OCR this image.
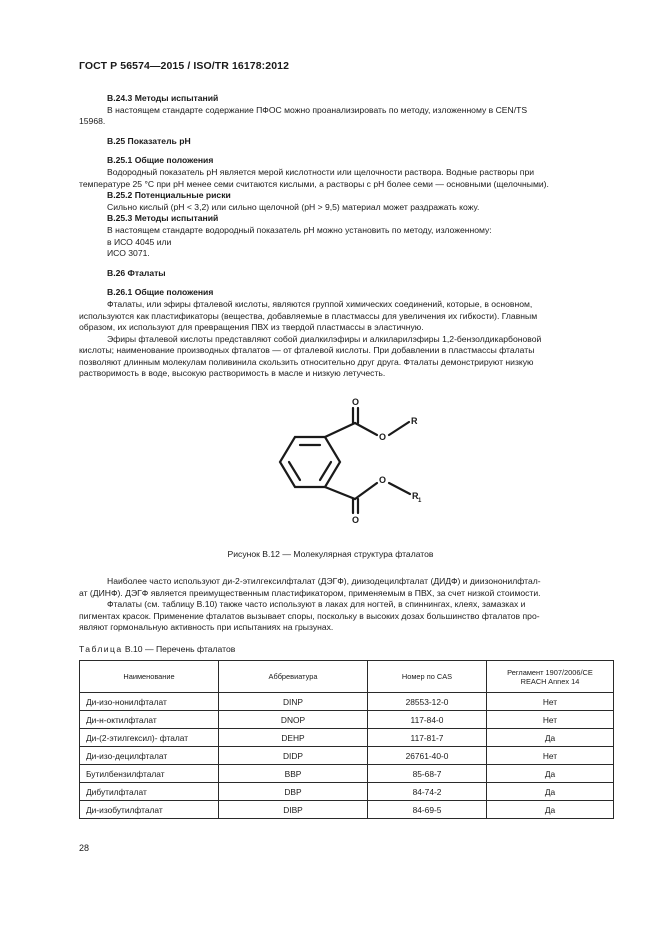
ГОСТ Р 56574—2015 / ISO/TR 16178:2012
B.24.3 Методы испытаний
В настоящем стандарте содержание ПФОС можно проанализировать по методу, изложенному в CEN/TS
15968.
B.25 Показатель рН
B.25.1 Общие положения
Водородный показатель рН является мерой кислотности или щелочности раствора. Водные растворы при
температуре 25 °С при рН менее семи считаются кислыми, а растворы с рН более семи — основными (щелочными).
B.25.2 Потенциальные риски
Сильно кислый (рН < 3,2) или сильно щелочной (рН > 9,5) материал может раздражать кожу.
B.25.3 Методы испытаний
В настоящем стандарте водородный показатель рН можно установить по методу, изложенному:
в ИСО 4045 или
ИСО 3071.
B.26 Фталаты
B.26.1 Общие положения
Фталаты, или эфиры фталевой кислоты, являются группой химических соединений, которые, в основном,
используются как пластификаторы (вещества, добавляемые в пластмассы для увеличения их гибкости). Главным
образом, их используют для превращения ПВХ из твердой пластмассы в эластичную.
Эфиры фталевой кислоты представляют собой диалкилэфиры и алкиларилэфиры 1,2-бензолдикарбоновой
кислоты; наименование производных фталатов — от фталевой кислоты. При добавлении в пластмассы фталаты
позволяют длинным молекулам поливинила скользить относительно друг друга. Фталаты демонстрируют низкую
растворимость в воде, высокую растворимость в масле и низкую летучесть.
O
O
R
O
R 1
O
Рисунок B.12 — Молекулярная структура фталатов
Наиболее часто используют ди-2-этилгексилфталат (ДЭГФ), диизодецилфталат (ДИДФ) и диизононилфтал-
ат (ДИНФ). ДЭГФ является преимущественным пластификатором, применяемым в ПВХ, за счет низкой стоимости.
Фталаты (см. таблицу B.10) также часто используют в лаках для ногтей, в спиннингах, клеях, замазках и
пигментах красок. Применение фталатов вызывает споры, поскольку в высоких дозах большинство фталатов про-
являют гормональную активность при испытаниях на грызунах.
Таблица B.10 — Перечень фталатов
Наименование	Аббревиатура	Номер по CAS	Регламент 1907/2006/CE
REACH Annex 14

Ди-изо-нонилфталат	DINP	28553-12-0	Нет
Ди-н-октилфталат	DNOP	117-84-0	Нет
Ди-(2-этилгексил)- фталат	DEHP	117-81-7	Да
Ди-изо-децилфталат	DIDP	26761-40-0	Нет
Бутилбензилфталат	BBP	85-68-7	Да
Дибутилфталат	DBP	84-74-2	Да
Ди-изобутилфталат	DIBP	84-69-5	Да
28
